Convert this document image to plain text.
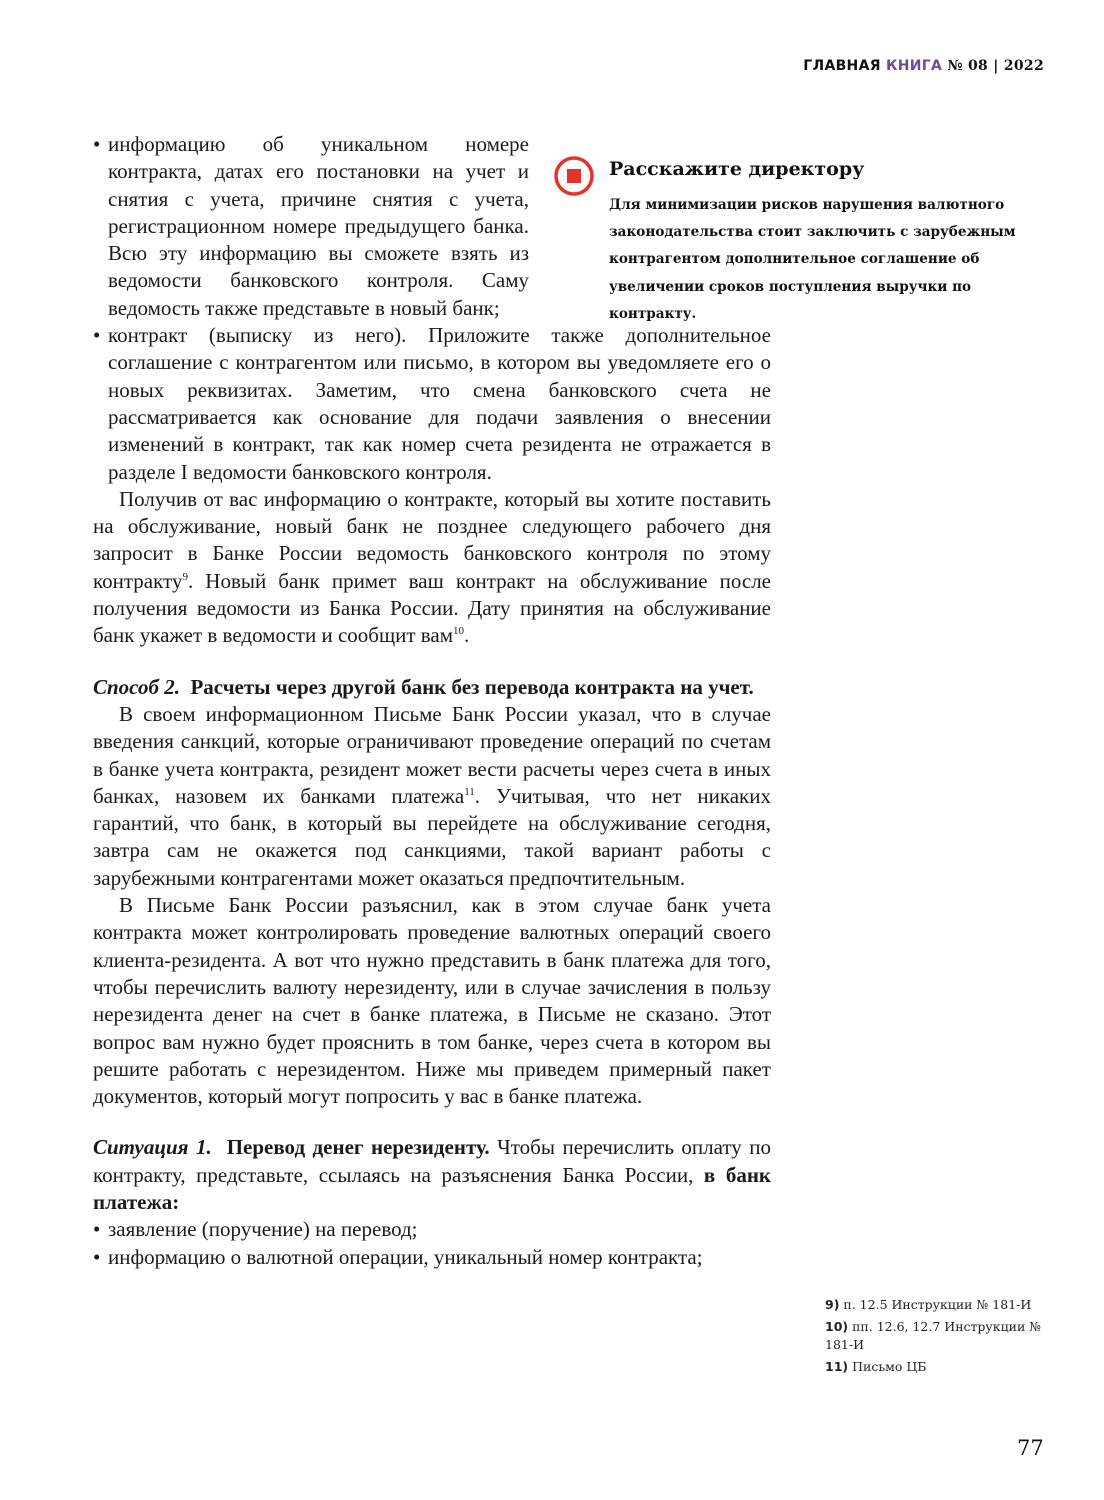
ГЛАВНАЯ КНИГА № 08 | 2022
Расскажите директору
Для минимизации рисков нарушения валютного законодательства стоит заключить с зарубежным контрагентом дополнительное соглашение об увеличении сроков поступления выручки по контракту.

• информацию об уникальном номере контракта, датах его постановки на учет и снятия с учета, причине снятия с учета, регистрационном номере предыдущего банка. Всю эту информацию вы сможете взять из ведомости банковского контроля. Саму ведомость также представьте в новый банк;

• контракт (выписку из него). Приложите также дополнительное соглашение с контрагентом или письмо, в котором вы уведомляете его о новых реквизитах. Заметим, что смена банковского счета не рассматривается как основание для подачи заявления о внесении изменений в контракт, так как номер счета резидента не отражается в разделе I ведомости банковского контроля.

Получив от вас информацию о контракте, который вы хотите поставить на обслуживание, новый банк не позднее следующего рабочего дня запросит в Банке России ведомость банковского контроля по этому контракту$^9$. Новый банк примет ваш контракт на обслуживание после получения ведомости из Банка России. Дату принятия на обслуживание банк укажет в ведомости и сообщит вам$^{10}$.

Способ 2. Расчеты через другой банк без перевода контракта на учет.

В своем информационном Письме Банк России указал, что в случае введения санкций, которые ограничивают проведение операций по счетам в банке учета контракта, резидент может вести расчеты через счета в иных банках, назовем их банками платежа$^{11}$. Учитывая, что нет никаких гарантий, что банк, в который вы перейдете на обслуживание сегодня, завтра сам не окажется под санкциями, такой вариант работы с зарубежными контрагентами может оказаться предпочтительным.

В Письме Банк России разъяснил, как в этом случае банк учета контракта может контролировать проведение валютных операций своего клиента-резидента. А вот что нужно представить в банк платежа для того, чтобы перечислить валюту нерезиденту, или в случае зачисления в пользу нерезидента денег на счет в банке платежа, в Письме не сказано. Этот вопрос вам нужно будет прояснить в том банке, через счета в котором вы решите работать с нерезидентом. Ниже мы приведем примерный пакет документов, который могут попросить у вас в банке платежа.

Ситуация 1. Перевод денег нерезиденту. Чтобы перечислить оплату по контракту, представьте, ссылаясь на разъяснения Банка России, в банк платежа:

• заявление (поручение) на перевод;

• информацию о валютной операции, уникальный номер контракта;

9) п. 12.5 Инструкции № 181-И

10) пп. 12.6, 12.7 Инструкции № 181-И

11) Письмо ЦБ

77
